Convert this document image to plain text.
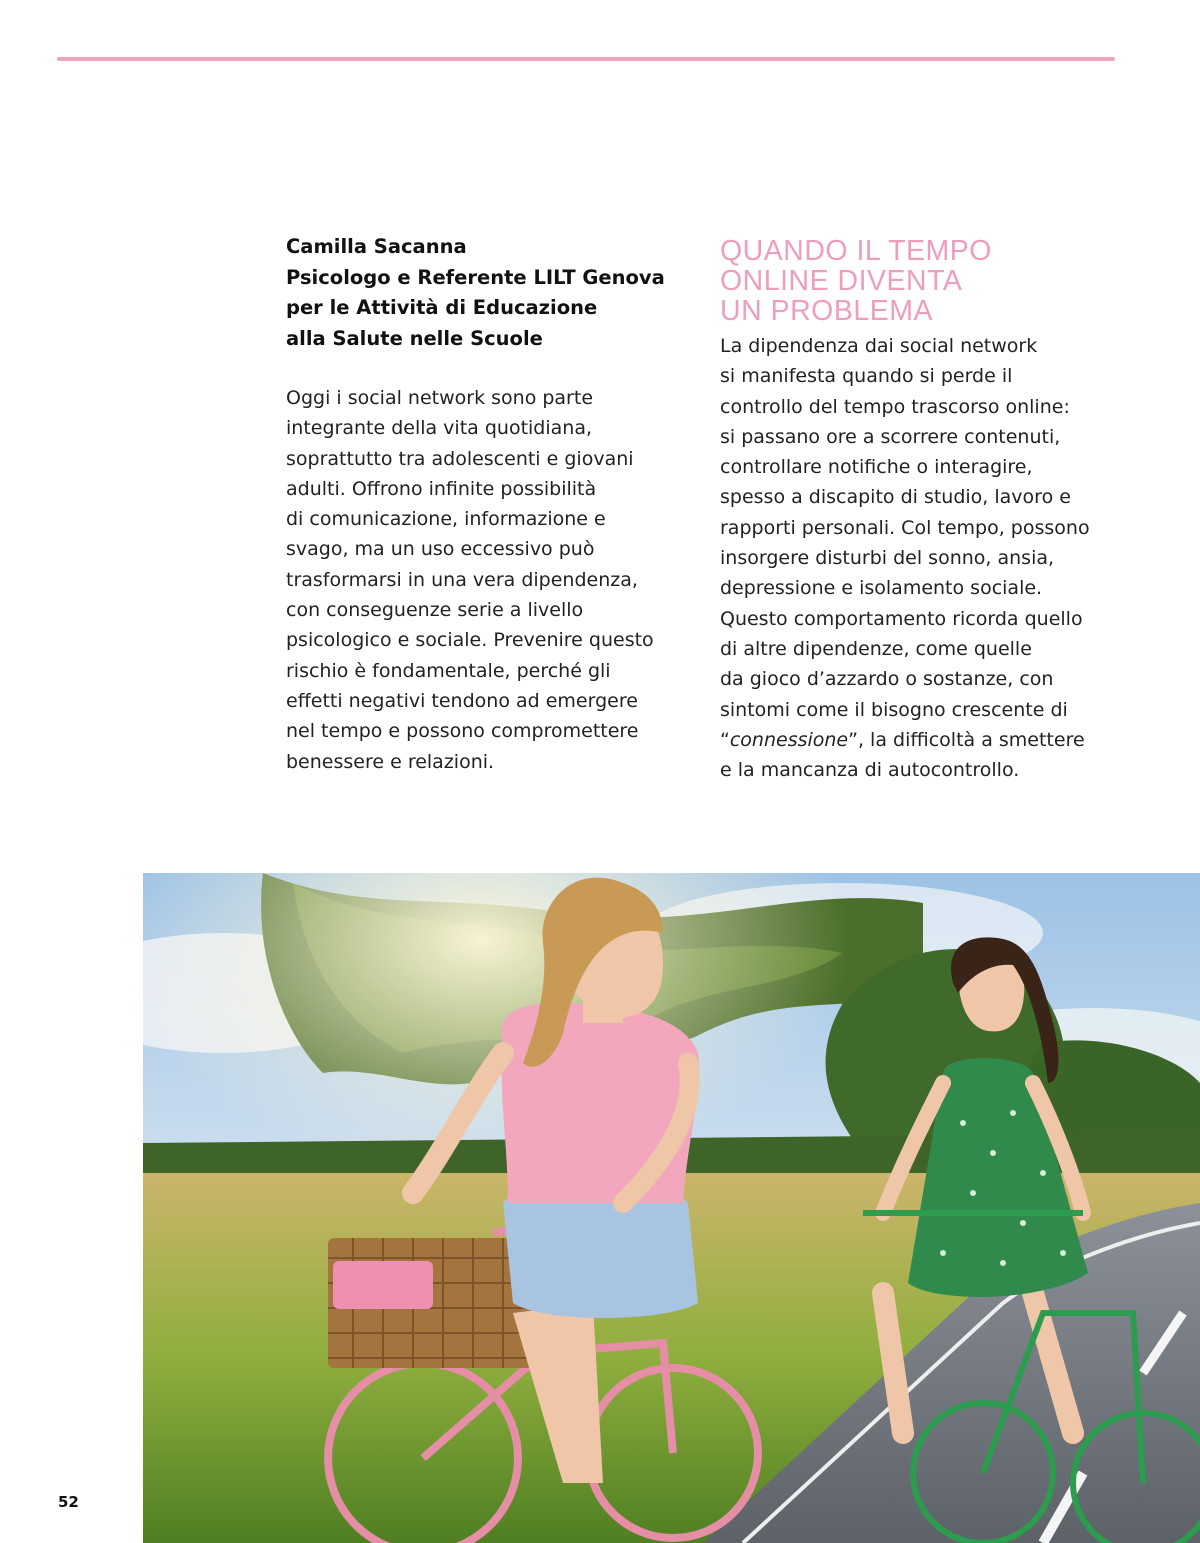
Camilla Sacanna
Psicologo e Referente LILT Genova
per le Attività di Educazione
alla Salute nelle Scuole
Oggi i social network sono parte
integrante della vita quotidiana,
soprattutto tra adolescenti e giovani
adulti. Offrono infinite possibilità
di comunicazione, informazione e
svago, ma un uso eccessivo può
trasformarsi in una vera dipendenza,
con conseguenze serie a livello
psicologico e sociale. Prevenire questo
rischio è fondamentale, perché gli
effetti negativi tendono ad emergere
nel tempo e possono compromettere
benessere e relazioni.
QUANDO IL TEMPO
ONLINE DIVENTA
UN PROBLEMA
La dipendenza dai social network
si manifesta quando si perde il
controllo del tempo trascorso online:
si passano ore a scorrere contenuti,
controllare notifiche o interagire,
spesso a discapito di studio, lavoro e
rapporti personali. Col tempo, possono
insorgere disturbi del sonno, ansia,
depressione e isolamento sociale.
Questo comportamento ricorda quello
di altre dipendenze, come quelle
da gioco d’azzardo o sostanze, con
sintomi come il bisogno crescente di
“connessione”, la difficoltà a smettere
e la mancanza di autocontrollo.
52
